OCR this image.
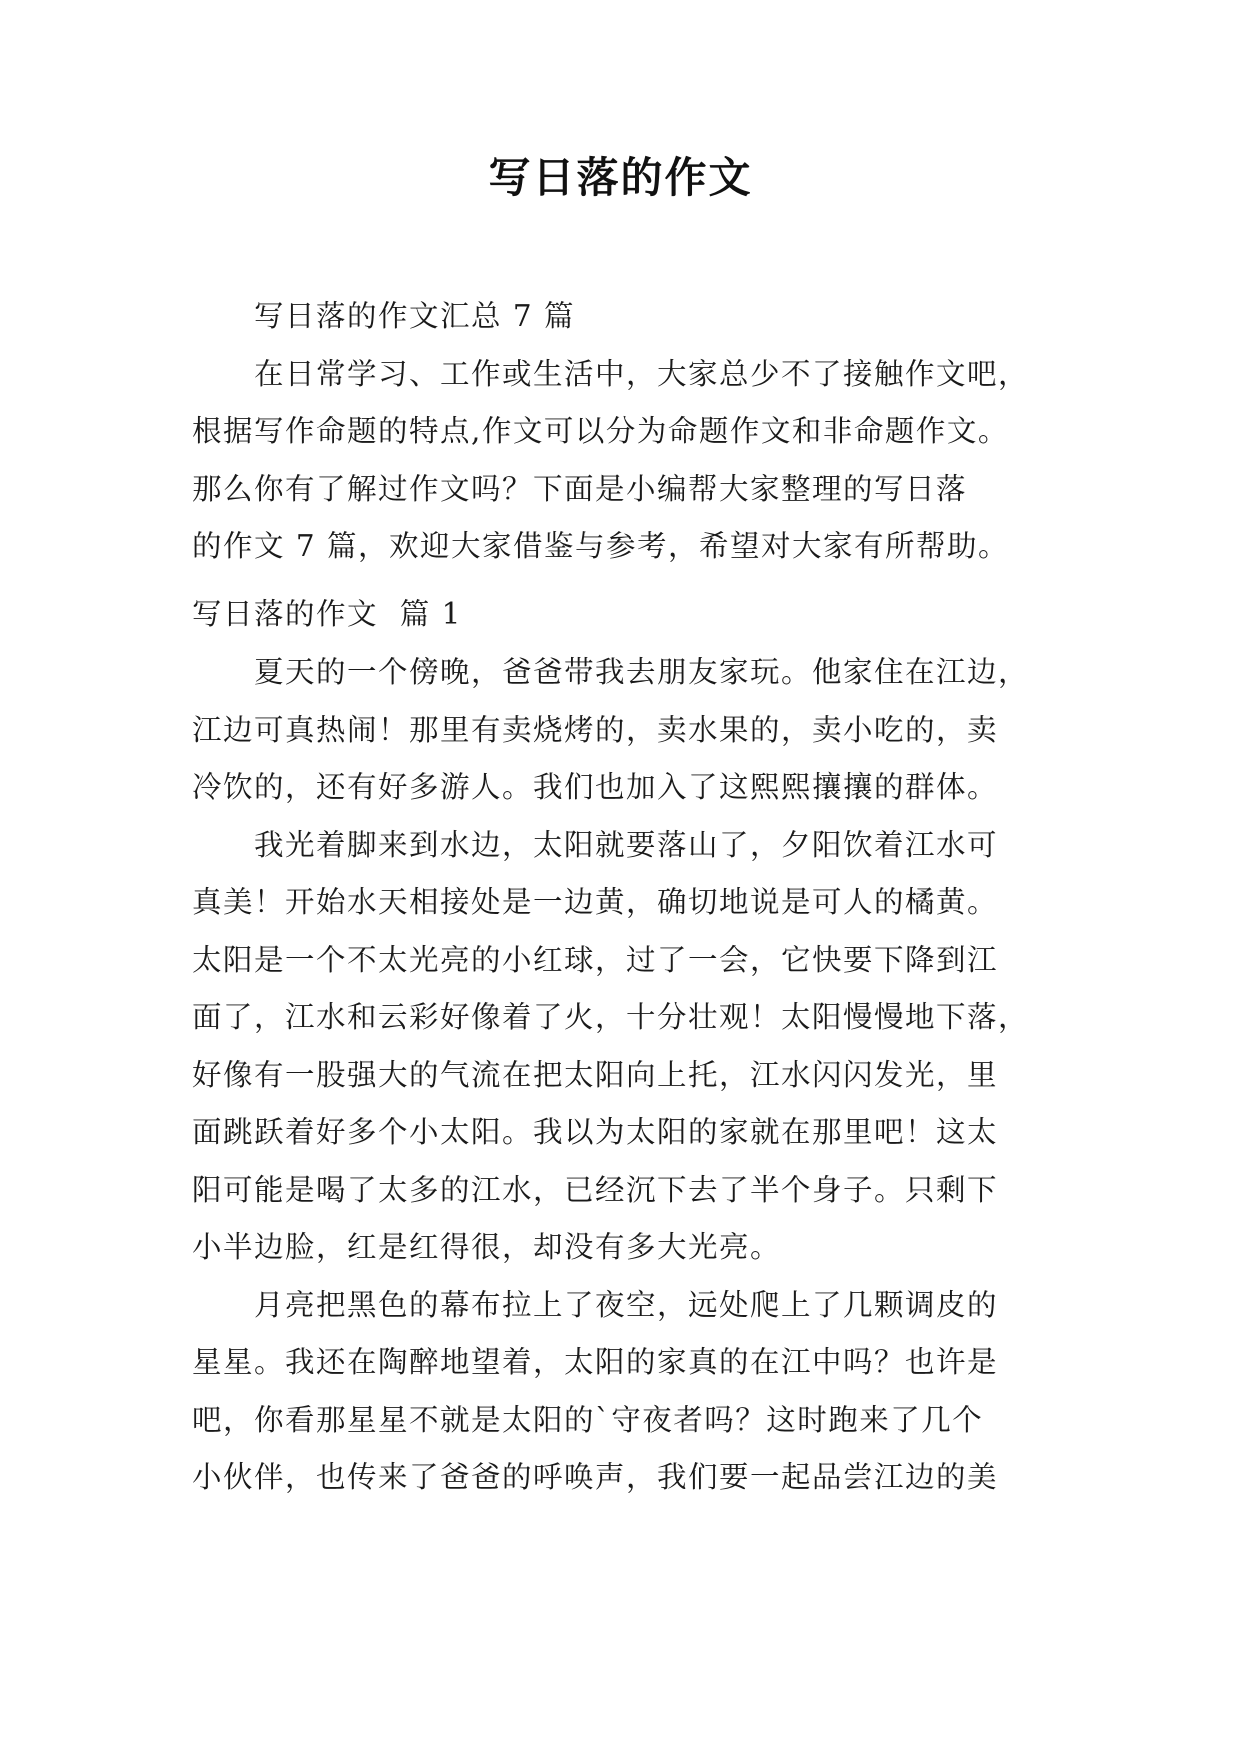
写日落的作文

写日落的作文汇总 7 篇

在日常学习、工作或生活中，大家总少不了接触作文吧，

根据写作命题的特点,作文可以分为命题作文和非命题作文。

那么你有了解过作文吗？下面是小编帮大家整理的写日落

的作文 7 篇，欢迎大家借鉴与参考，希望对大家有所帮助。

写日落的作文  篇 1

夏天的一个傍晚，爸爸带我去朋友家玩。他家住在江边，

江边可真热闹！那里有卖烧烤的，卖水果的，卖小吃的，卖

冷饮的，还有好多游人。我们也加入了这熙熙攘攘的群体。

我光着脚来到水边，太阳就要落山了，夕阳饮着江水可

真美！开始水天相接处是一边黄，确切地说是可人的橘黄。

太阳是一个不太光亮的小红球，过了一会，它快要下降到江

面了，江水和云彩好像着了火，十分壮观！太阳慢慢地下落，

好像有一股强大的气流在把太阳向上托，江水闪闪发光，里

面跳跃着好多个小太阳。我以为太阳的家就在那里吧！这太

阳可能是喝了太多的江水，已经沉下去了半个身子。只剩下

小半边脸，红是红得很，却没有多大光亮。

月亮把黑色的幕布拉上了夜空，远处爬上了几颗调皮的

星星。我还在陶醉地望着，太阳的家真的在江中吗？也许是

吧，你看那星星不就是太阳的`守夜者吗？这时跑来了几个

小伙伴，也传来了爸爸的呼唤声，我们要一起品尝江边的美
